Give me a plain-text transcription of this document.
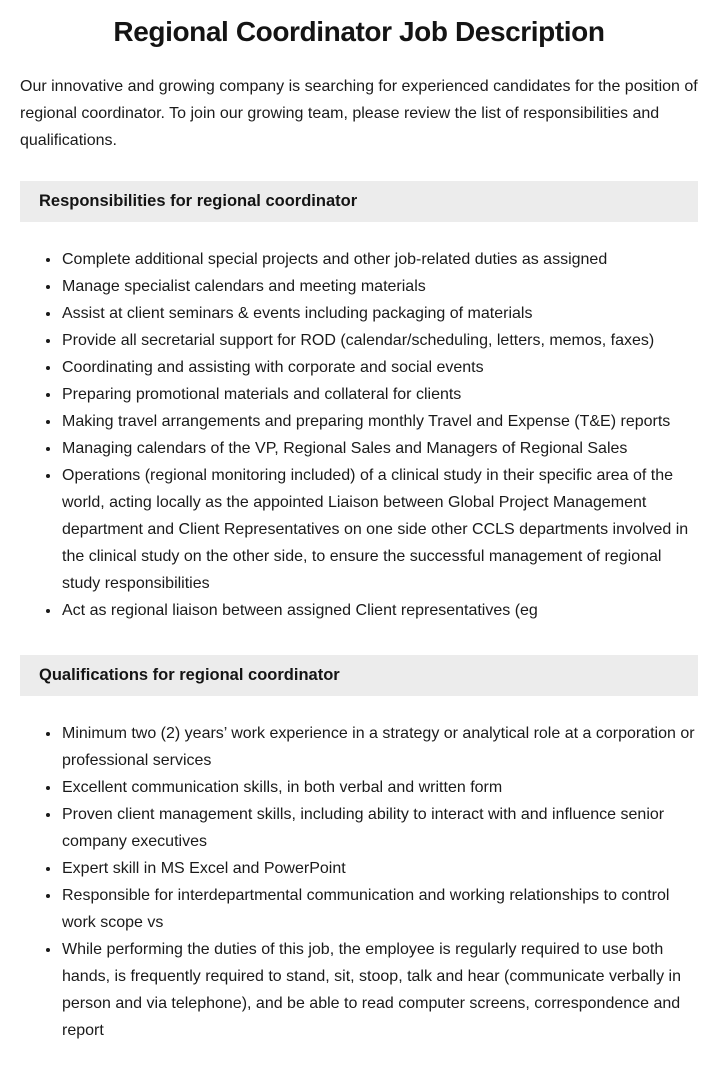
Regional Coordinator Job Description

Our innovative and growing company is searching for experienced candidates for the position of regional coordinator. To join our growing team, please review the list of responsibilities and qualifications.

Responsibilities for regional coordinator
• Complete additional special projects and other job-related duties as assigned
• Manage specialist calendars and meeting materials
• Assist at client seminars & events including packaging of materials
• Provide all secretarial support for ROD (calendar/scheduling, letters, memos, faxes)
• Coordinating and assisting with corporate and social events
• Preparing promotional materials and collateral for clients
• Making travel arrangements and preparing monthly Travel and Expense (T&E) reports
• Managing calendars of the VP, Regional Sales and Managers of Regional Sales
• Operations (regional monitoring included) of a clinical study in their specific area of the world, acting locally as the appointed Liaison between Global Project Management department and Client Representatives on one side other CCLS departments involved in the clinical study on the other side, to ensure the successful management of regional study responsibilities
• Act as regional liaison between assigned Client representatives (eg
Qualifications for regional coordinator
• Minimum two (2) years’ work experience in a strategy or analytical role at a corporation or professional services
• Excellent communication skills, in both verbal and written form
• Proven client management skills, including ability to interact with and influence senior company executives
• Expert skill in MS Excel and PowerPoint
• Responsible for interdepartmental communication and working relationships to control work scope vs
• While performing the duties of this job, the employee is regularly required to use both hands, is frequently required to stand, sit, stoop, talk and hear (communicate verbally in person and via telephone), and be able to read computer screens, correspondence and report
